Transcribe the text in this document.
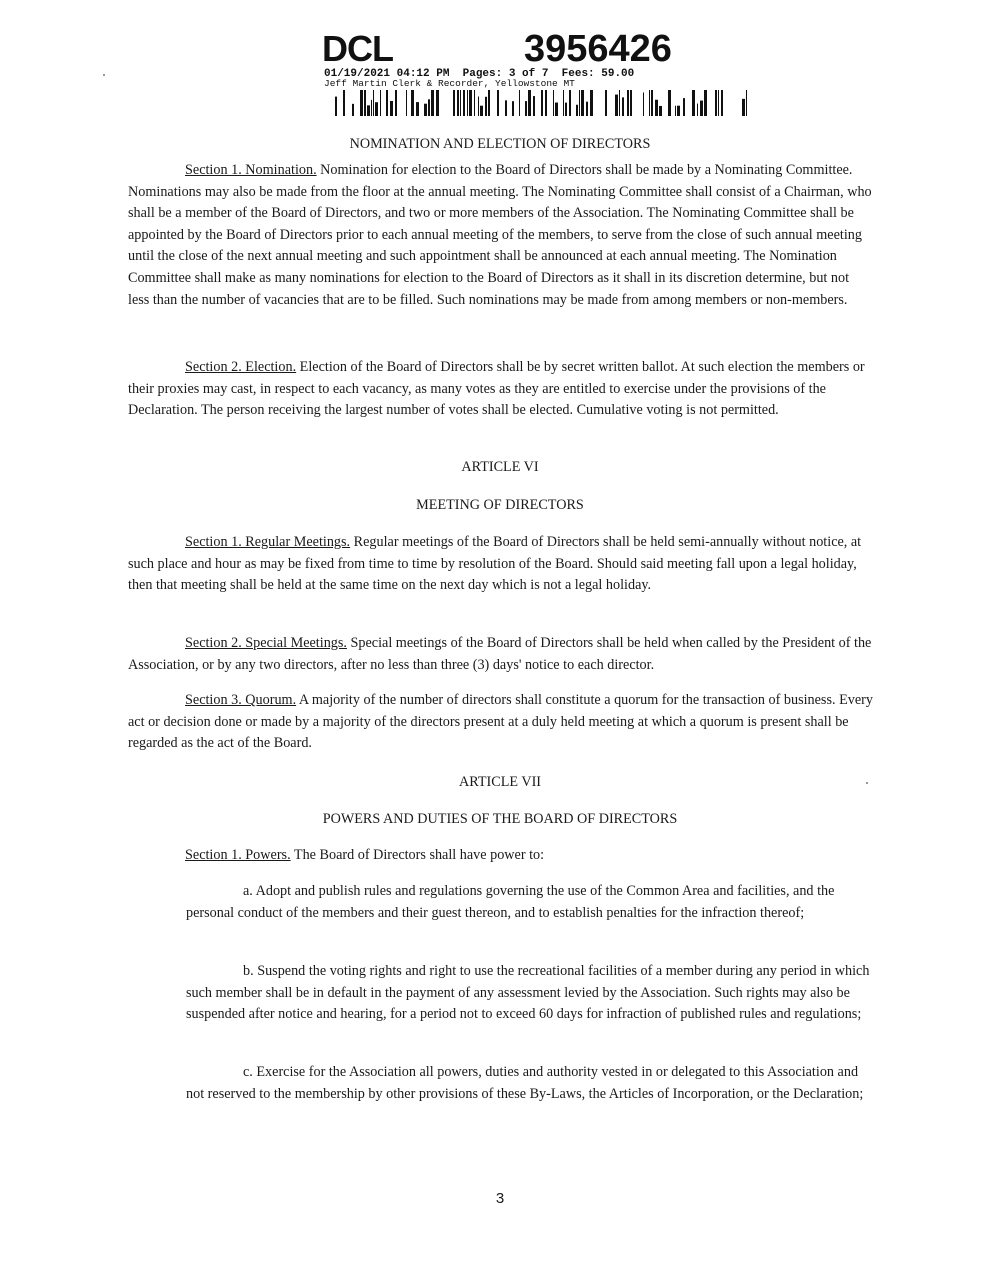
DCL	3956426
01/19/2021 04:12 PM  Pages: 3 of 7  Fees: 59.00
Jeff Martin Clerk & Recorder, Yellowstone MT
NOMINATION AND ELECTION OF DIRECTORS

Section 1. Nomination. Nomination for election to the Board of Directors shall be made by a Nominating Committee. Nominations may also be made from the floor at the annual meeting. The Nominating Committee shall consist of a Chairman, who shall be a member of the Board of Directors, and two or more members of the Association. The Nominating Committee shall be appointed by the Board of Directors prior to each annual meeting of the members, to serve from the close of such annual meeting until the close of the next annual meeting and such appointment shall be announced at each annual meeting. The Nomination Committee shall make as many nominations for election to the Board of Directors as it shall in its discretion determine, but not less than the number of vacancies that are to be filled. Such nominations may be made from among members or non-members.

Section 2. Election. Election of the Board of Directors shall be by secret written ballot. At such election the members or their proxies may cast, in respect to each vacancy, as many votes as they are entitled to exercise under the provisions of the Declaration. The person receiving the largest number of votes shall be elected. Cumulative voting is not permitted.

ARTICLE VI
MEETING OF DIRECTORS

Section 1. Regular Meetings. Regular meetings of the Board of Directors shall be held semi-annually without notice, at such place and hour as may be fixed from time to time by resolution of the Board. Should said meeting fall upon a legal holiday, then that meeting shall be held at the same time on the next day which is not a legal holiday.

Section 2. Special Meetings. Special meetings of the Board of Directors shall be held when called by the President of the Association, or by any two directors, after no less than three (3) days' notice to each director.

Section 3. Quorum. A majority of the number of directors shall constitute a quorum for the transaction of business. Every act or decision done or made by a majority of the directors present at a duly held meeting at which a quorum is present shall be regarded as the act of the Board.

ARTICLE VII
POWERS AND DUTIES OF THE BOARD OF DIRECTORS

Section 1. Powers. The Board of Directors shall have power to:

a. Adopt and publish rules and regulations governing the use of the Common Area and facilities, and the personal conduct of the members and their guest thereon, and to establish penalties for the infraction thereof;

b. Suspend the voting rights and right to use the recreational facilities of a member during any period in which such member shall be in default in the payment of any assessment levied by the Association. Such rights may also be suspended after notice and hearing, for a period not to exceed 60 days for infraction of published rules and regulations;

c. Exercise for the Association all powers, duties and authority vested in or delegated to this Association and not reserved to the membership by other provisions of these By-Laws, the Articles of Incorporation, or the Declaration;

3
